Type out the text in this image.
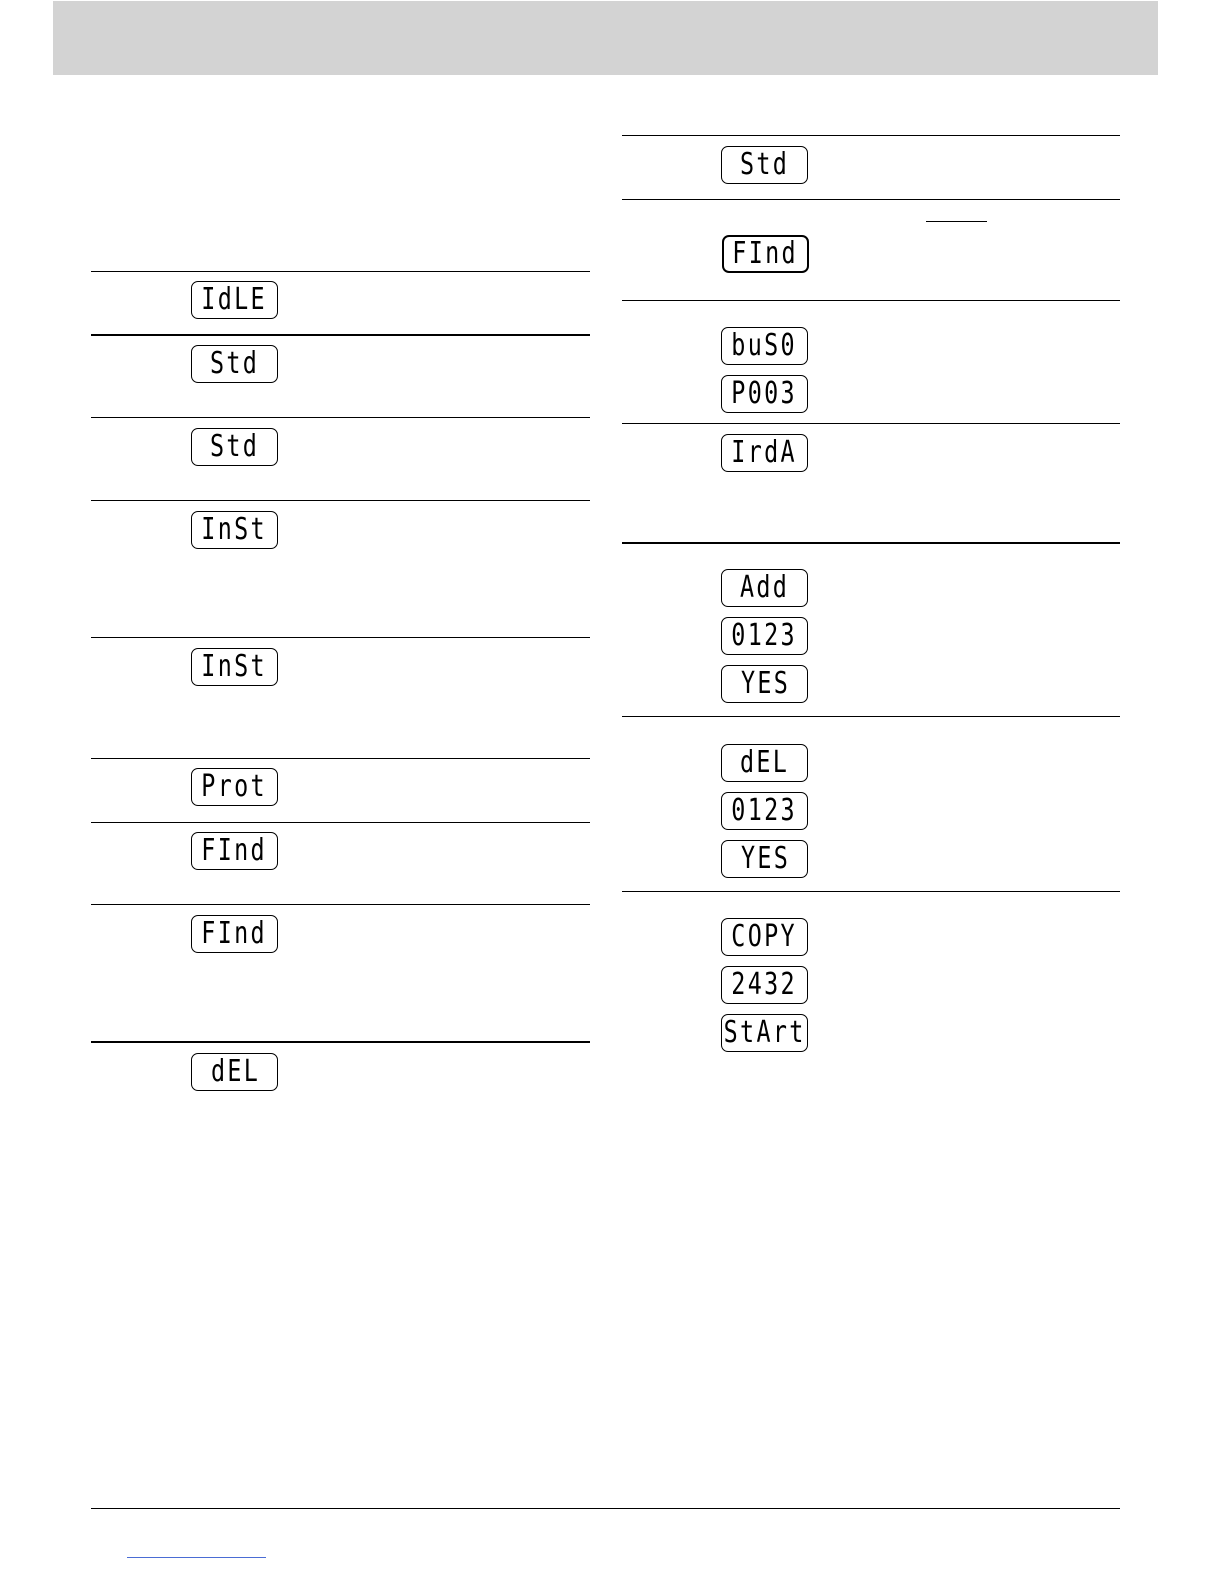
IdLE
Std
Std
InSt
InSt
Prot
FInd
FInd
dEL
Std
FInd
buS0
P003
IrdA
Add
0123
YES
dEL
0123
YES
COPY
2432
StArt
